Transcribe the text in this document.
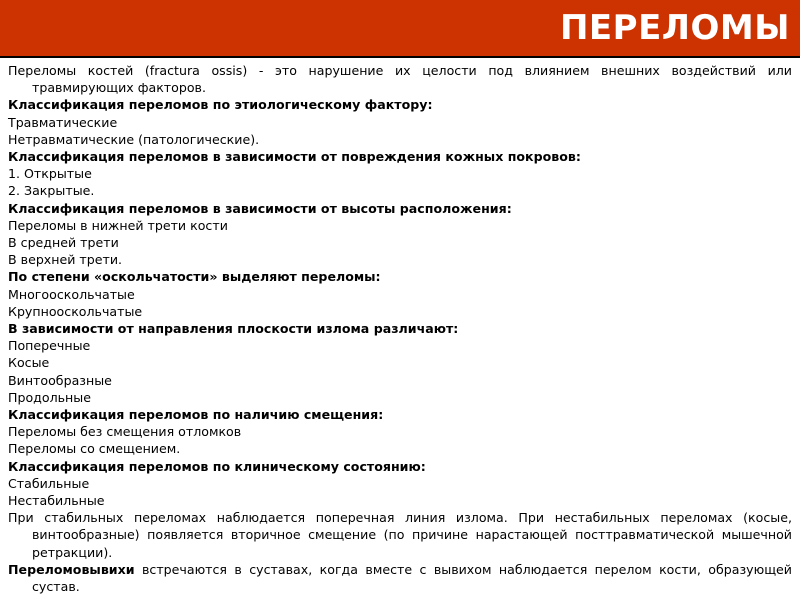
ПЕРЕЛОМЫ

Переломы костей (fractura ossis) - это нарушение их целости под влиянием внешних воздействий или травмирующих факторов.

Классификация переломов по этиологическому фактору:

Травматические

Нетравматические (патологические).

Классификация переломов в зависимости от повреждения кожных покровов:

1. Открытые

2. Закрытые.

Классификация переломов в зависимости от высоты расположения:

Переломы в нижней трети кости

В средней трети

В верхней трети.

По степени «оскольчатости» выделяют переломы:

Многооскольчатые

Крупнооскольчатые

В зависимости от направления плоскости излома различают:

Поперечные

Косые

Винтообразные

Продольные

Классификация переломов по наличию смещения:

Переломы без смещения отломков

Переломы со смещением.

Классификация переломов по клиническому состоянию:

Стабильные

Нестабильные

При стабильных переломах наблюдается поперечная линия излома. При нестабильных переломах (косые, винтообразные) появляется вторичное смещение (по причине нарастающей посттравматической мышечной ретракции).

Переломовывихи встречаются в суставах, когда вместе с вывихом наблюдается перелом кости, образующей сустав.
